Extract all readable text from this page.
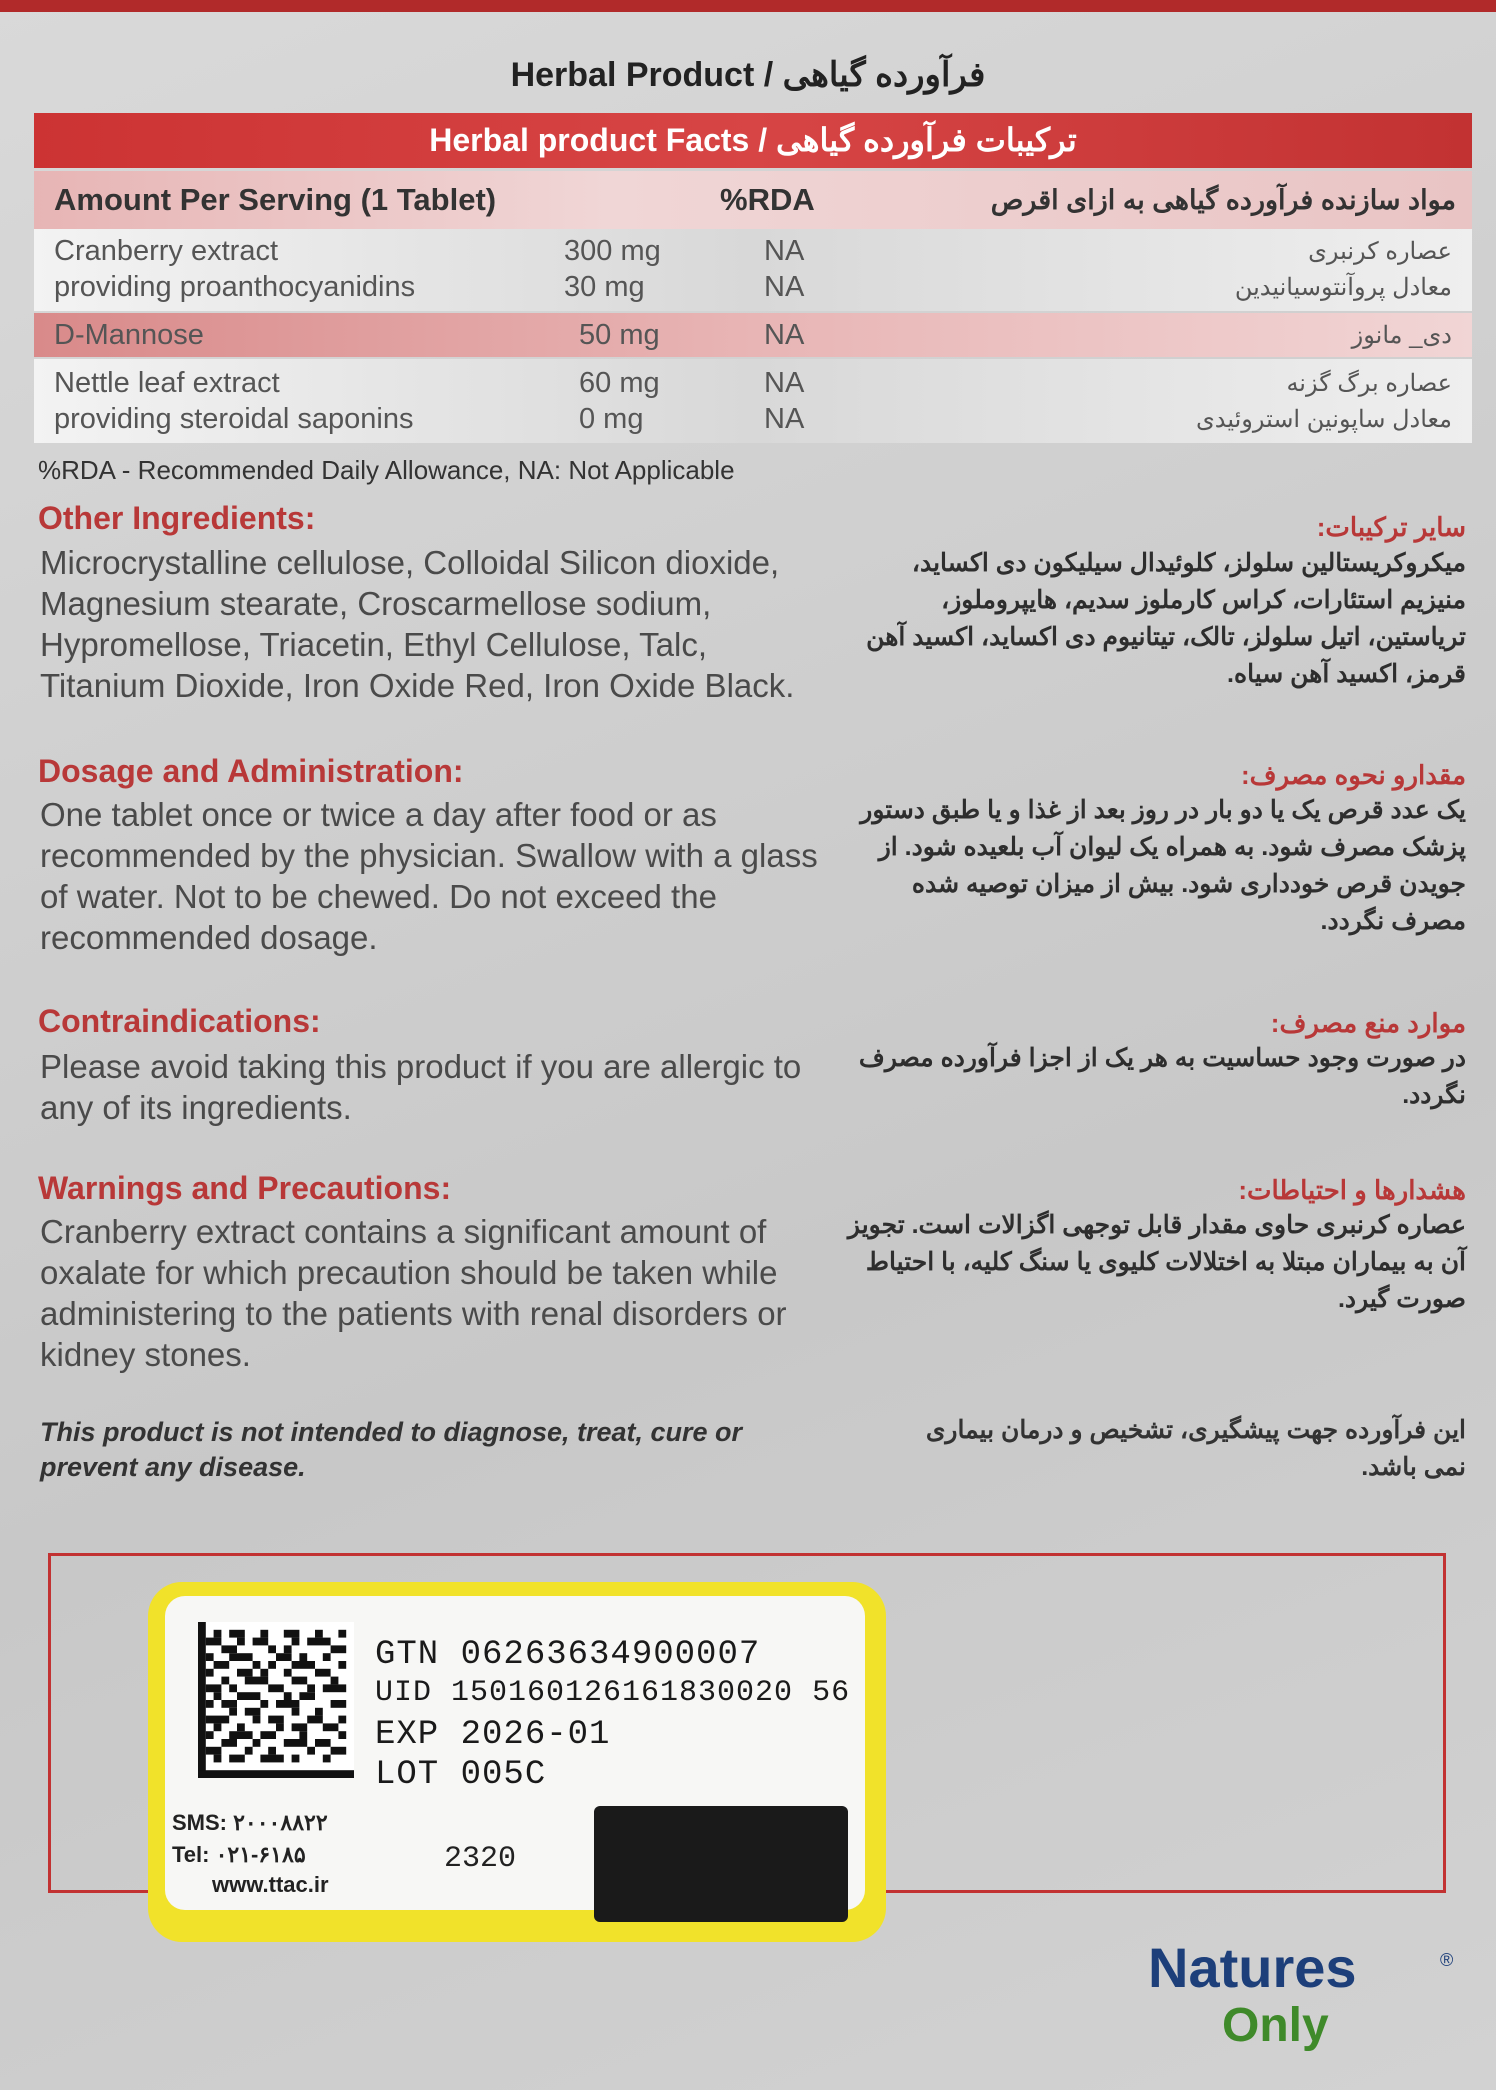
Herbal Product / فرآورده گیاهی
Herbal product Facts / ترکیبات فرآورده گیاهی
Amount Per Serving (1 Tablet)	%RDA	مواد سازنده فرآورده گیاهی به ازای اقرص
Cranberry extract	300 mg	NA	عصاره کرنبری
providing proanthocyanidins	30 mg	NA	معادل پروآنتوسیانیدین
D-Mannose	50 mg	NA	دی_ مانوز
Nettle leaf extract	60 mg	NA	عصاره برگ گزنه
providing steroidal saponins	0 mg	NA	معادل ساپونین استروئیدی
%RDA - Recommended Daily Allowance, NA: Not Applicable
Other Ingredients:
Microcrystalline cellulose, Colloidal Silicon dioxide, Magnesium stearate, Croscarmellose sodium, Hypromellose, Triacetin, Ethyl Cellulose, Talc, Titanium Dioxide, Iron Oxide Red, Iron Oxide Black.
سایر ترکیبات:
میکروکریستالین سلولز، کلوئیدال سیلیکون دی اکساید، منیزیم استئارات، کراس کارملوز سدیم، هایپروملوز، تریاستین، اتیل سلولز، تالک، تیتانیوم دی اکساید، اکسید آهن قرمز، اکسید آهن سیاه.
Dosage and Administration:
One tablet once or twice a day after food or as recommended by the physician. Swallow with a glass of water. Not to be chewed. Do not exceed the recommended dosage.
مقدارو نحوه مصرف:
یک عدد قرص یک یا دو بار در روز بعد از غذا و یا طبق دستور پزشک مصرف شود. به همراه یک لیوان آب بلعیده شود. از جویدن قرص خودداری شود. بیش از میزان توصیه شده مصرف نگردد.
Contraindications:
Please avoid taking this product if you are allergic to any of its ingredients.
موارد منع مصرف:
در صورت وجود حساسیت به هر یک از اجزا فرآورده مصرف نگردد.
Warnings and Precautions:
Cranberry extract contains a significant amount of oxalate for which precaution should be taken while administering to the patients with renal disorders or kidney stones.
هشدارها و احتیاطات:
عصاره کرنبری حاوی مقدار قابل توجهی اگزالات است. تجویز آن به بیماران مبتلا به اختلالات کلیوی یا سنگ کلیه، با احتیاط صورت گیرد.
This product is not intended to diagnose, treat, cure or prevent any disease.
این فرآورده جهت پیشگیری، تشخیص و درمان بیماری نمی باشد.
GTN 06263634900007
UID 150160126161830020 56
EXP 2026-01
LOT 005C
SMS: ۲۰۰۰۸۸۲۲
Tel: ۰۲۱-۶۱۸۵
www.ttac.ir
2320
Natures	®
Only
